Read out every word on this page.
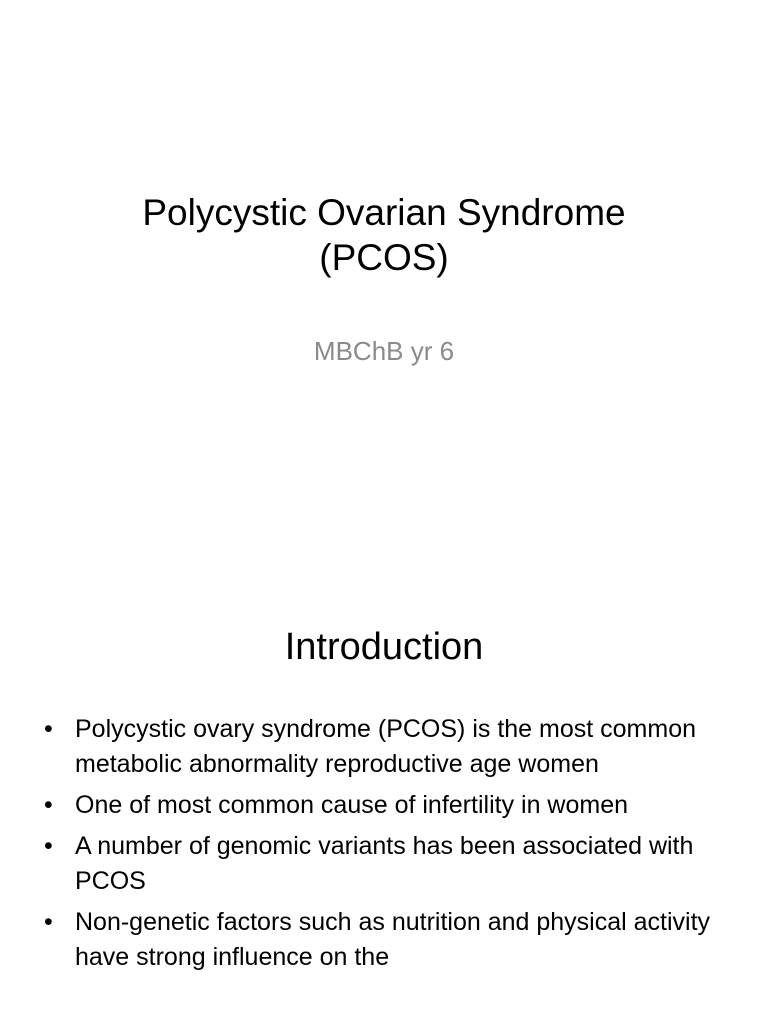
Polycystic Ovarian Syndrome
(PCOS)
MBChB yr 6
Introduction
• Polycystic ovary syndrome (PCOS) is the most common metabolic abnormality reproductive age women
• One of most common cause of infertility in women
• A number of genomic variants has been associated with PCOS
• Non-genetic factors such as nutrition and physical activity have strong influence on the
